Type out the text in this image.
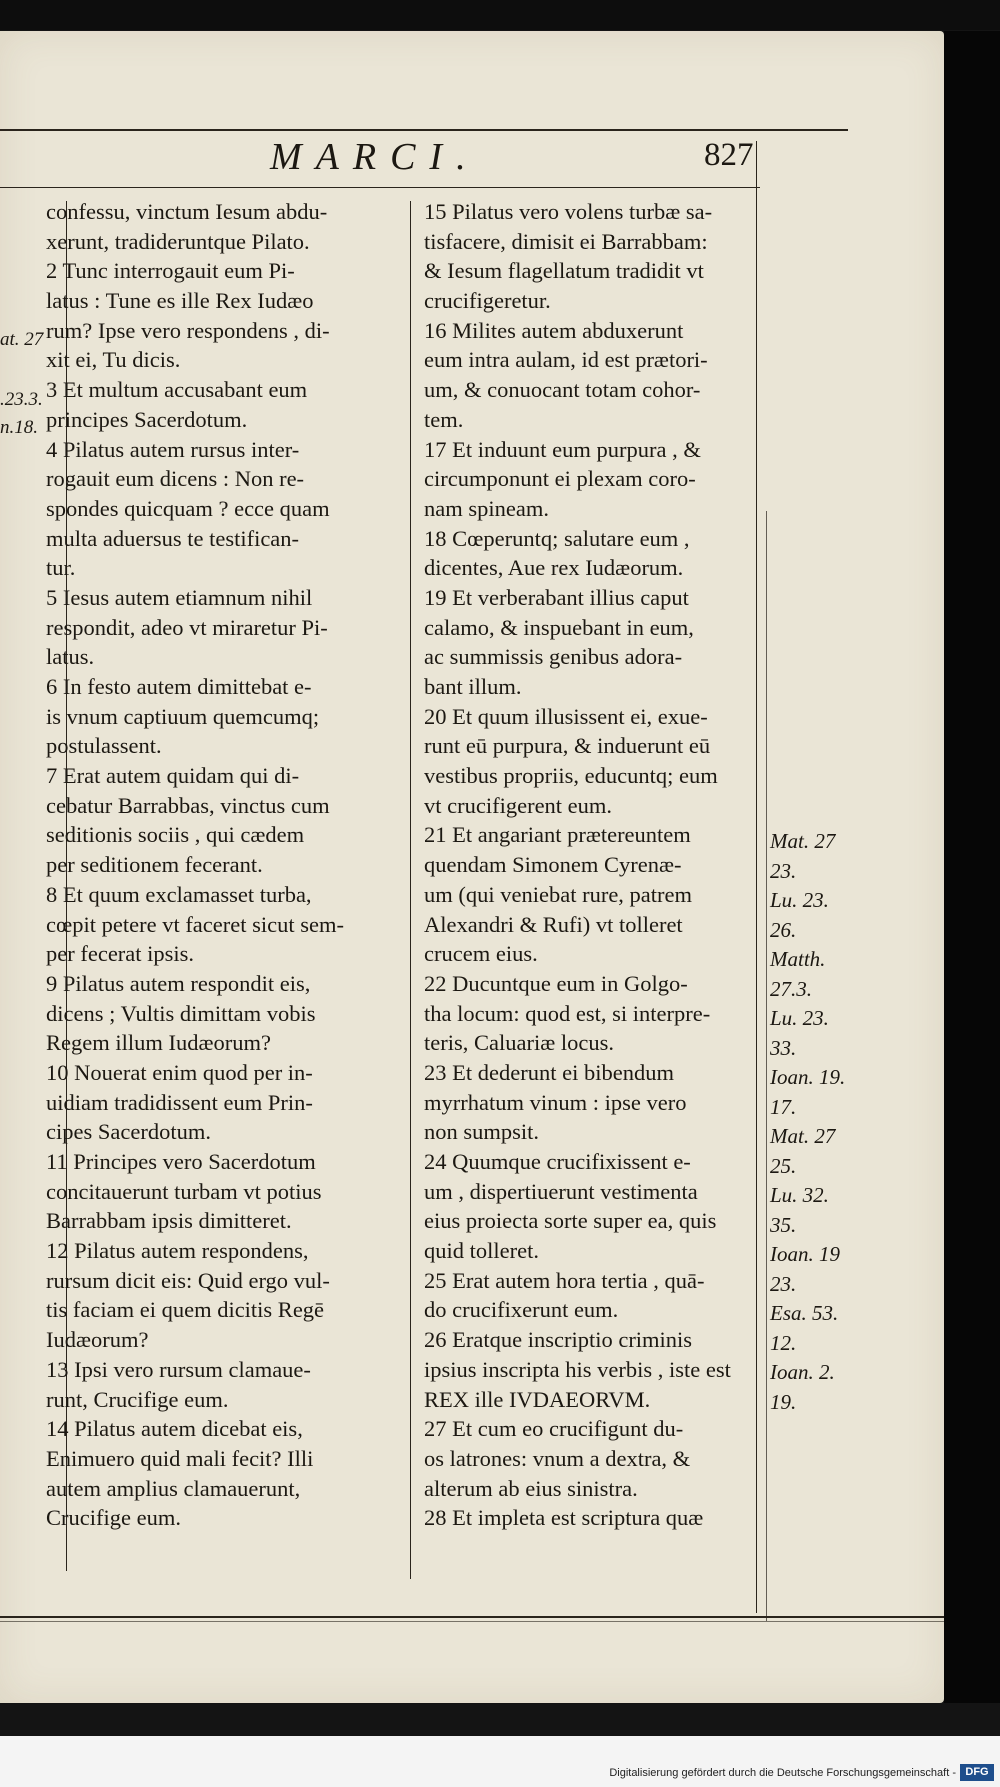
MARCI.	827
at. 27
.23.3.
n.18.
confessu, vinctum Iesum abdu-
xerunt, tradideruntque Pilato.
2 Tunc interrogauit eum Pi-
latus : Tune es ille Rex Iudæo
rum? Ipse vero respondens , di-
xit ei, Tu dicis.
3 Et multum accusabant eum
principes Sacerdotum.
4 Pilatus autem rursus inter-
rogauit eum dicens : Non re-
spondes quicquam ? ecce quam
multa aduersus te testifican-
tur.
5 Iesus autem etiamnum nihil
respondit, adeo vt miraretur Pi-
latus.
6 In festo autem dimittebat e-
is vnum captiuum quemcumq;
postulassent.
7 Erat autem quidam qui di-
cebatur Barrabbas, vinctus cum
seditionis sociis , qui cædem
per seditionem fecerant.
8 Et quum exclamasset turba,
cœpit petere vt faceret sicut sem-
per fecerat ipsis.
9 Pilatus autem respondit eis,
dicens ; Vultis dimittam vobis
Regem illum Iudæorum?
10 Nouerat enim quod per in-
uidiam tradidissent eum Prin-
cipes Sacerdotum.
11 Principes vero Sacerdotum
concitauerunt turbam vt potius
Barrabbam ipsis dimitteret.
12 Pilatus autem respondens,
rursum dicit eis: Quid ergo vul-
tis faciam ei quem dicitis Regē
Iudæorum?
13 Ipsi vero rursum clamaue-
runt, Crucifige eum.
14 Pilatus autem dicebat eis,
Enimuero quid mali fecit? Illi
autem amplius clamauerunt,
Crucifige eum.
15 Pilatus vero volens turbæ sa-
tisfacere, dimisit ei Barrabbam:
& Iesum flagellatum tradidit vt
crucifigeretur.
16 Milites autem abduxerunt
eum intra aulam, id est prætori-
um, & conuocant totam cohor-
tem.
17 Et induunt eum purpura , &
circumponunt ei plexam coro-
nam spineam.
18 Cœperuntq; salutare eum ,
dicentes, Aue rex Iudæorum.
19 Et verberabant illius caput
calamo, & inspuebant in eum,
ac summissis genibus adora-
bant illum.
20 Et quum illusissent ei, exue-
runt eū purpura, & induerunt eū
vestibus propriis, educuntq; eum
vt crucifigerent eum.
21 Et angariant prætereuntem
quendam Simonem Cyrenæ-
um (qui veniebat rure, patrem
Alexandri & Rufi) vt tolleret
crucem eius.
22 Ducuntque eum in Golgo-
tha locum: quod est, si interpre-
teris, Caluariæ locus.
23 Et dederunt ei bibendum
myrrhatum vinum : ipse vero
non sumpsit.
24 Quumque crucifixissent e-
um , dispertiuerunt vestimenta
eius proiecta sorte super ea, quis
quid tolleret.
25 Erat autem hora tertia , quā-
do crucifixerunt eum.
26 Eratque inscriptio criminis
ipsius inscripta his verbis , iste est
REX ille IVDAEORVM.
27 Et cum eo crucifigunt du-
os latrones: vnum a dextra, &
alterum ab eius sinistra.
28 Et impleta est scriptura quæ
Mat. 27
23.
Lu. 23.
26.
Matth.
27.3.
Lu. 23.
33.
Ioan. 19.
17.
Mat. 27
25.
Lu. 32.
35.
Ioan. 19
23.
Esa. 53.
12.
Ioan. 2.
19.
Digitalisierung gefördert durch die Deutsche Forschungsgemeinschaft - DFG
